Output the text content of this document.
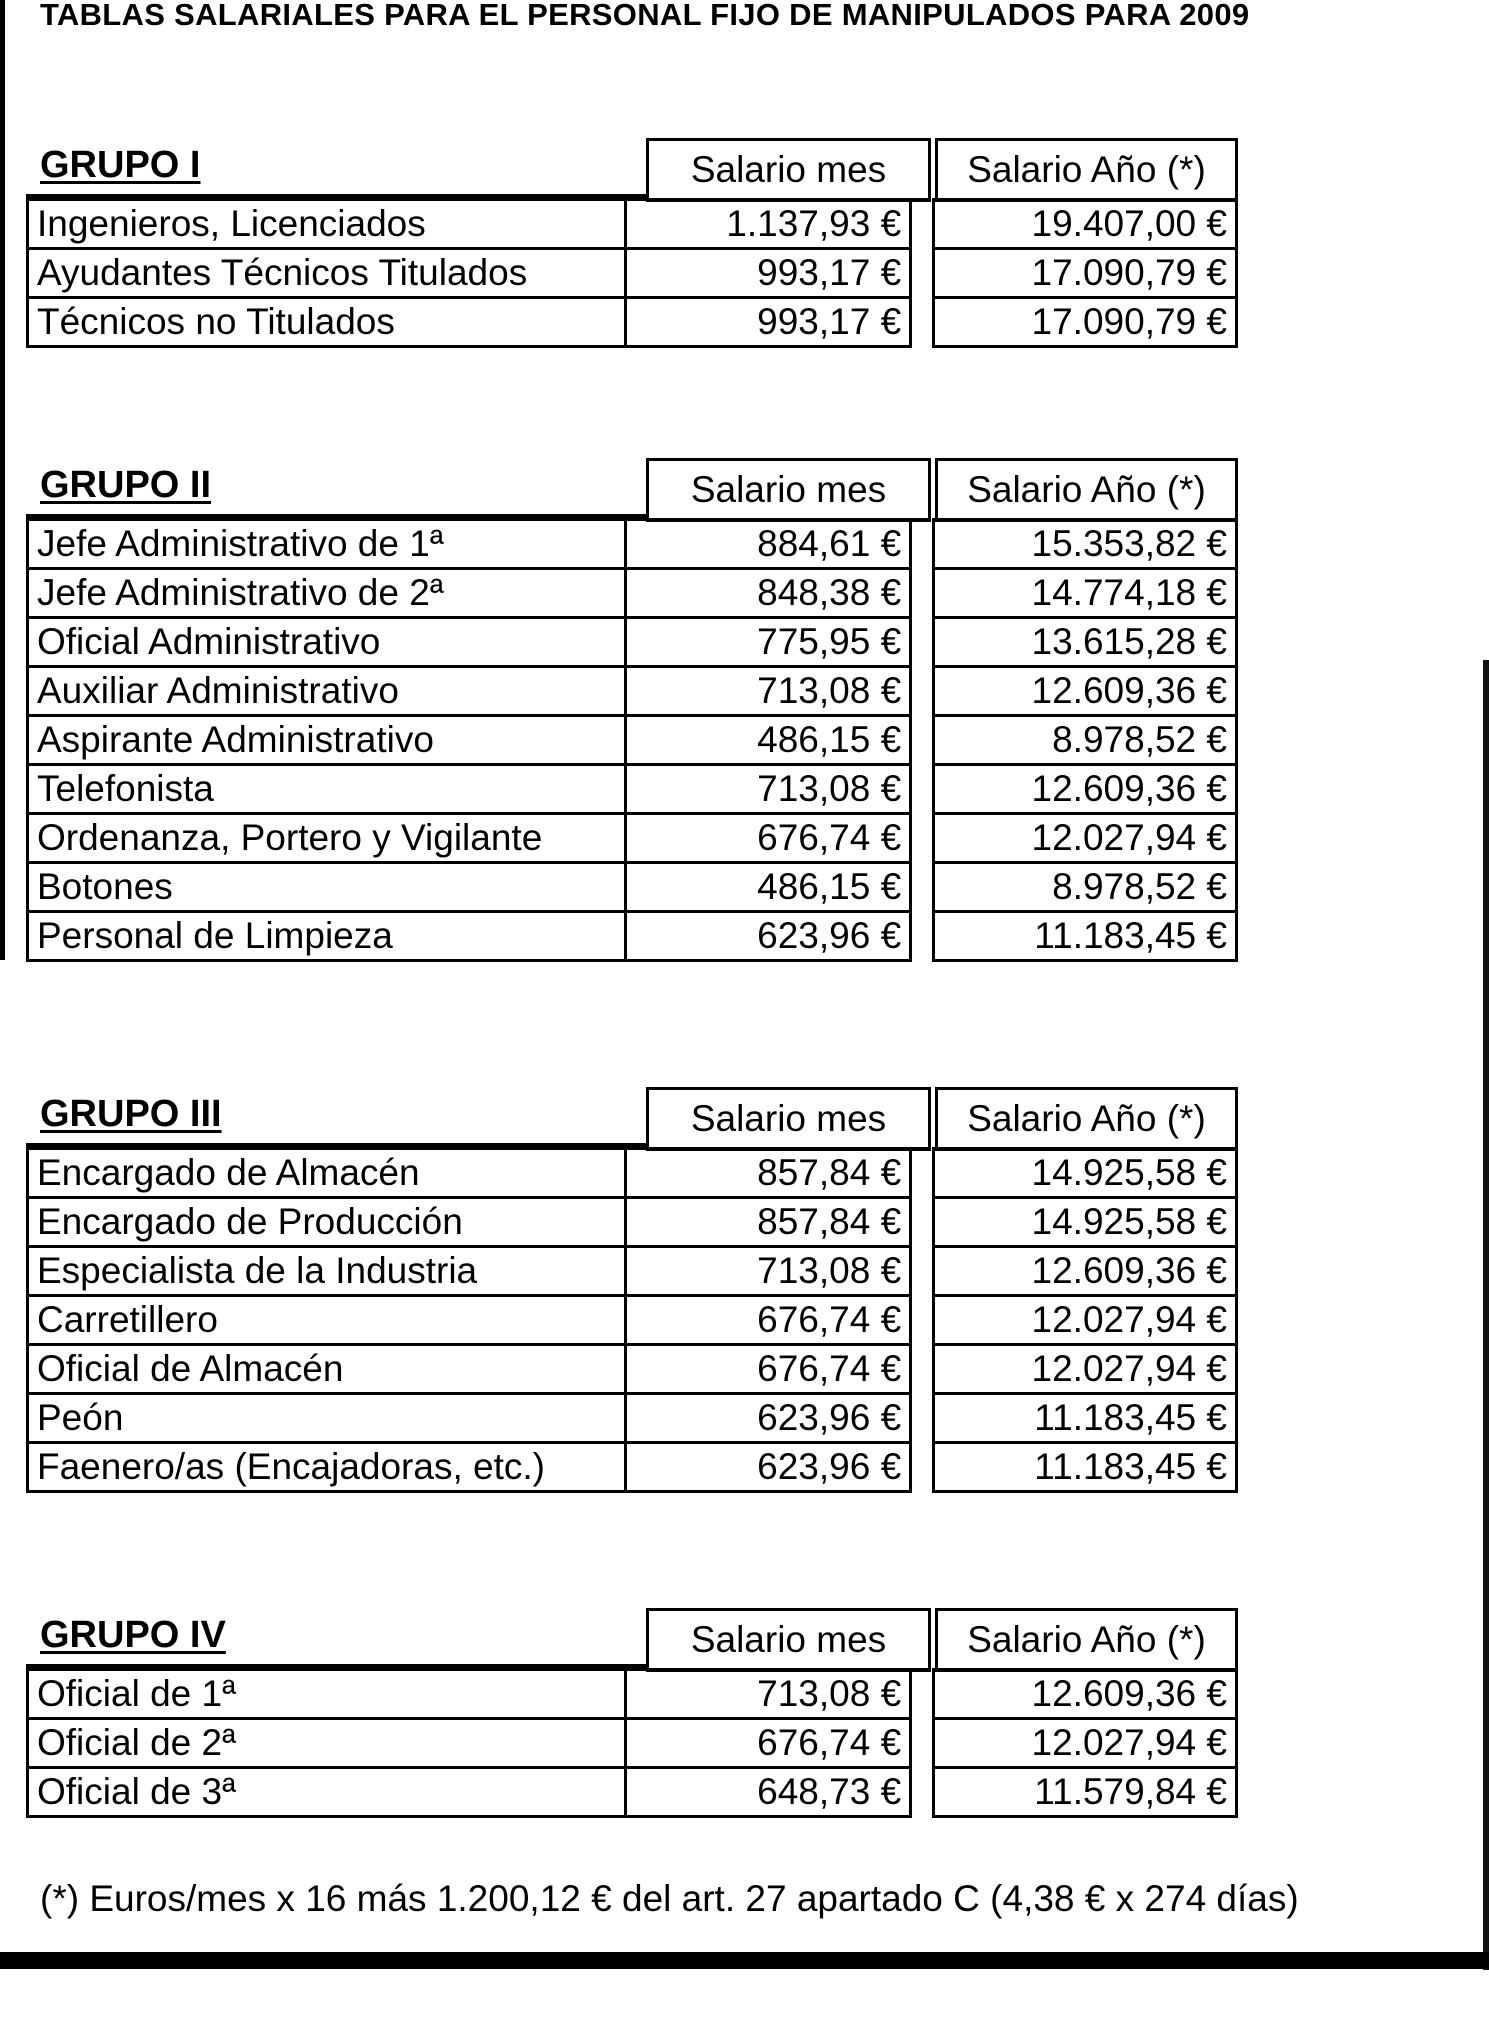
TABLAS SALARIALES PARA EL PERSONAL FIJO DE MANIPULADOS PARA 2009
GRUPO I	Salario mes	Salario Año (*)
Ingenieros, Licenciados	1.137,93 €		19.407,00 €
Ayudantes Técnicos Titulados	993,17 €		17.090,79 €
Técnicos no Titulados	993,17 €		17.090,79 €
GRUPO II	Salario mes	Salario Año (*)
Jefe Administrativo de 1ª	884,61 €		15.353,82 €
Jefe Administrativo de 2ª	848,38 €		14.774,18 €
Oficial Administrativo	775,95 €		13.615,28 €
Auxiliar Administrativo	713,08 €		12.609,36 €
Aspirante Administrativo	486,15 €		8.978,52 €
Telefonista	713,08 €		12.609,36 €
Ordenanza, Portero y Vigilante	676,74 €		12.027,94 €
Botones	486,15 €		8.978,52 €
Personal de Limpieza	623,96 €		11.183,45 €
GRUPO III	Salario mes	Salario Año (*)
Encargado de Almacén	857,84 €		14.925,58 €
Encargado de Producción	857,84 €		14.925,58 €
Especialista de la Industria	713,08 €		12.609,36 €
Carretillero	676,74 €		12.027,94 €
Oficial de Almacén	676,74 €		12.027,94 €
Peón	623,96 €		11.183,45 €
Faenero/as (Encajadoras, etc.)	623,96 €		11.183,45 €
GRUPO IV	Salario mes	Salario Año (*)
Oficial de 1ª	713,08 €		12.609,36 €
Oficial de 2ª	676,74 €		12.027,94 €
Oficial de 3ª	648,73 €		11.579,84 €
(*) Euros/mes x 16 más 1.200,12 € del art. 27 apartado C (4,38 € x 274 días)
